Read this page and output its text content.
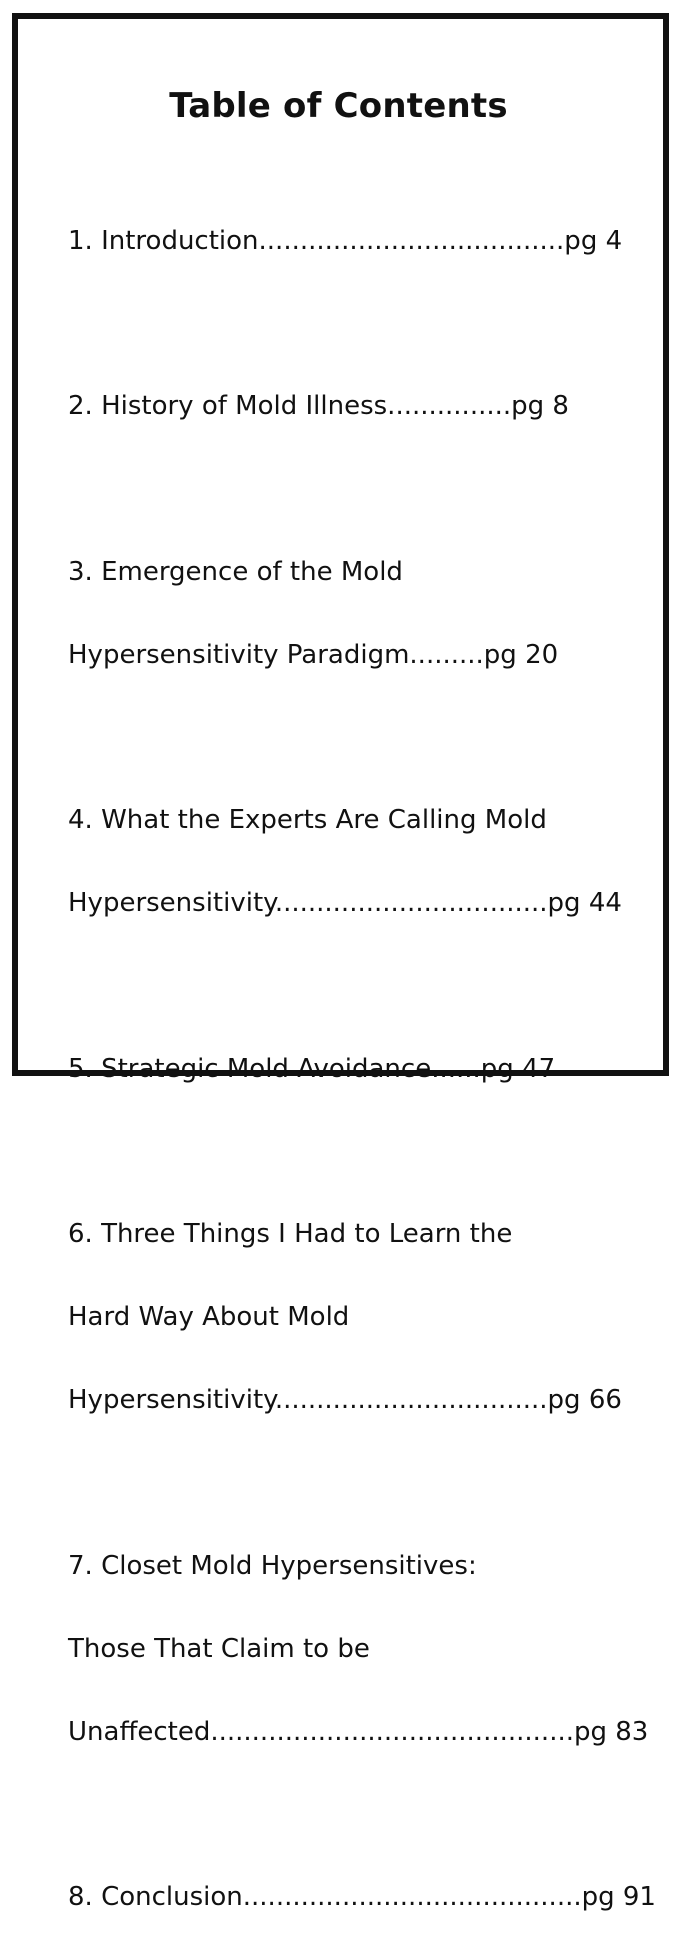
Table of Contents

1. Introduction.....................................pg 4

2. History of Mold Illness...............pg 8

3. Emergence of the Mold

Hypersensitivity Paradigm.........pg 20

4. What the Experts Are Calling Mold

Hypersensitivity.................................pg 44

5. Strategic Mold Avoidance......pg 47

6. Three Things I Had to Learn the

Hard Way About Mold

Hypersensitivity.................................pg 66

7. Closet Mold Hypersensitives:

Those That Claim to be

Unaffected............................................pg 83

8. Conclusion.........................................pg 91
